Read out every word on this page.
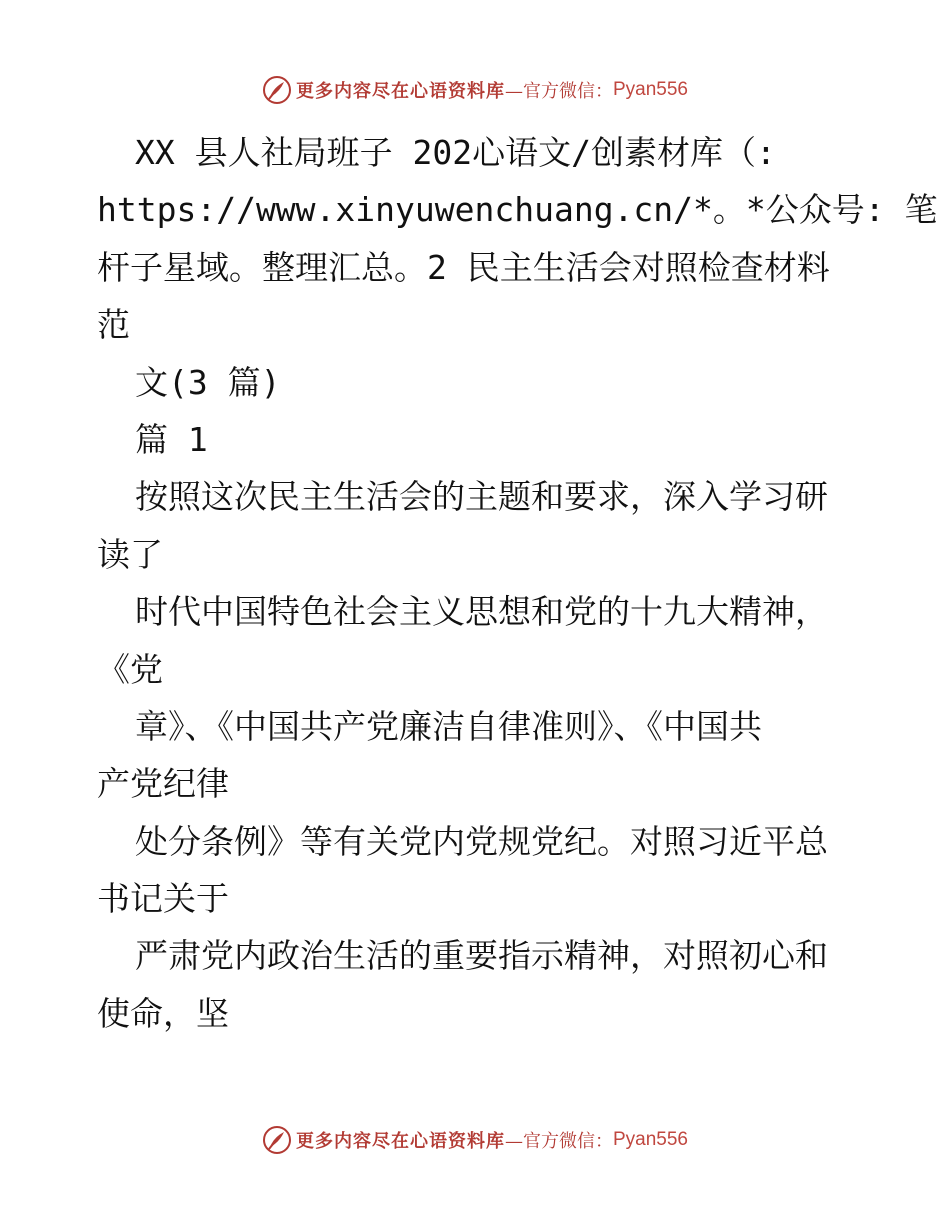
更多内容尽在心语资料库 —官方微信： Pyan556
XX 县人社局班子 202心语文/创素材库（:
https://www.xinyuwenchuang.cn/*。*公众号: 笔
杆子星域。整理汇总。2 民主生活会对照检查材料
范
文(3 篇)
篇 1
按照这次民主生活会的主题和要求，深入学习研
读了
时代中国特色社会主义思想和党的十九大精神，
《党
章》、《中国共产党廉洁自律准则》、《中国共
产党纪律
处分条例》等有关党内党规党纪。对照习近平总
书记关于
严肃党内政治生活的重要指示精神，对照初心和
使命，坚
更多内容尽在心语资料库 —官方微信： Pyan556
